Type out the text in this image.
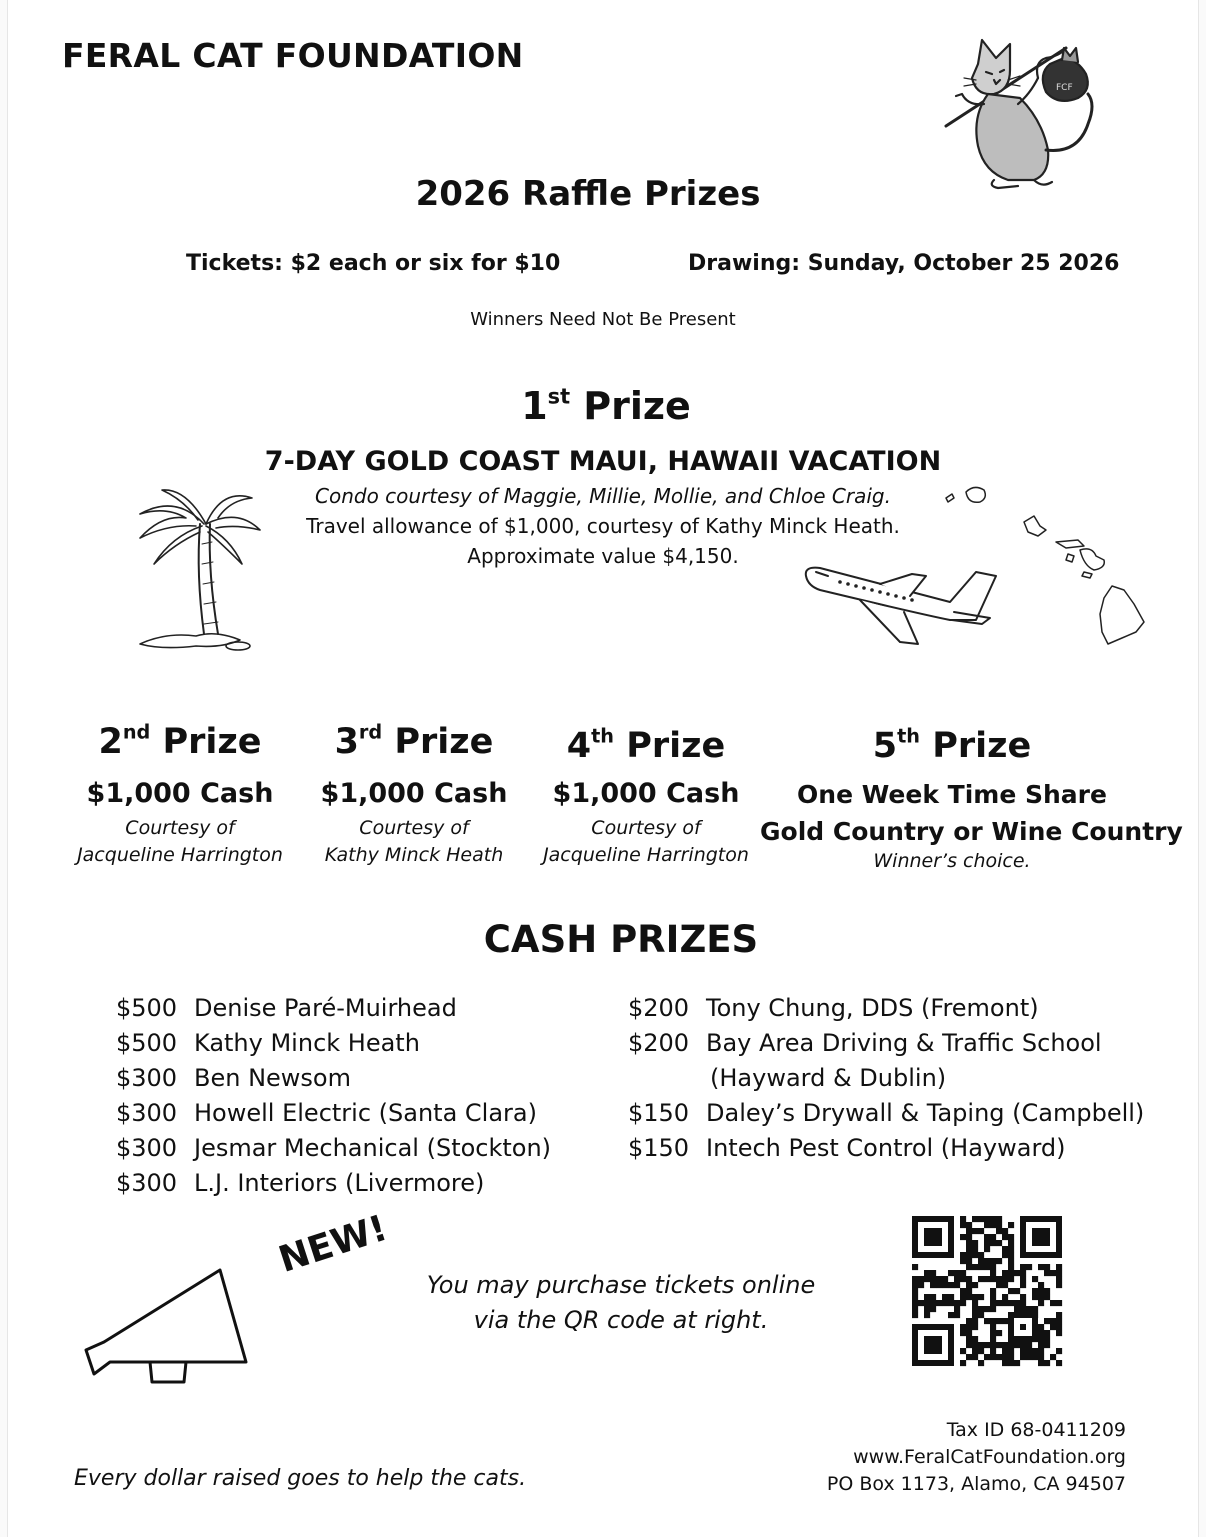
FERAL CAT FOUNDATION
FCF
2026 Raffle Prizes
Tickets: $2 each or six for $10	Drawing: Sunday, October 25 2026
Winners Need Not Be Present
1st Prize
7-DAY GOLD COAST MAUI, HAWAII VACATION
Condo courtesy of Maggie, Millie, Mollie, and Chloe Craig.
Travel allowance of $1,000, courtesy of Kathy Minck Heath.
Approximate value $4,150.
2nd Prize
$1,000 Cash
Courtesy of
Jacqueline Harrington
3rd Prize
$1,000 Cash
Courtesy of
Kathy Minck Heath
4th Prize
$1,000 Cash
Courtesy of
Jacqueline Harrington
5th Prize
One Week Time Share
Gold Country or Wine Country
Winner’s choice.
CASH PRIZES
$500 Denise Paré-Muirhead
$500 Kathy Minck Heath
$300 Ben Newsom
$300 Howell Electric (Santa Clara)
$300 Jesmar Mechanical (Stockton)
$300 L.J. Interiors (Livermore)
$200 Tony Chung, DDS (Fremont)
$200 Bay Area Driving & Traffic School
(Hayward & Dublin)
$150 Daley’s Drywall & Taping (Campbell)
$150 Intech Pest Control (Hayward)
NEW!
You may purchase tickets online
via the QR code at right.
Every dollar raised goes to help the cats.
Tax ID 68-0411209
www.FeralCatFoundation.org
PO Box 1173, Alamo, CA 94507
